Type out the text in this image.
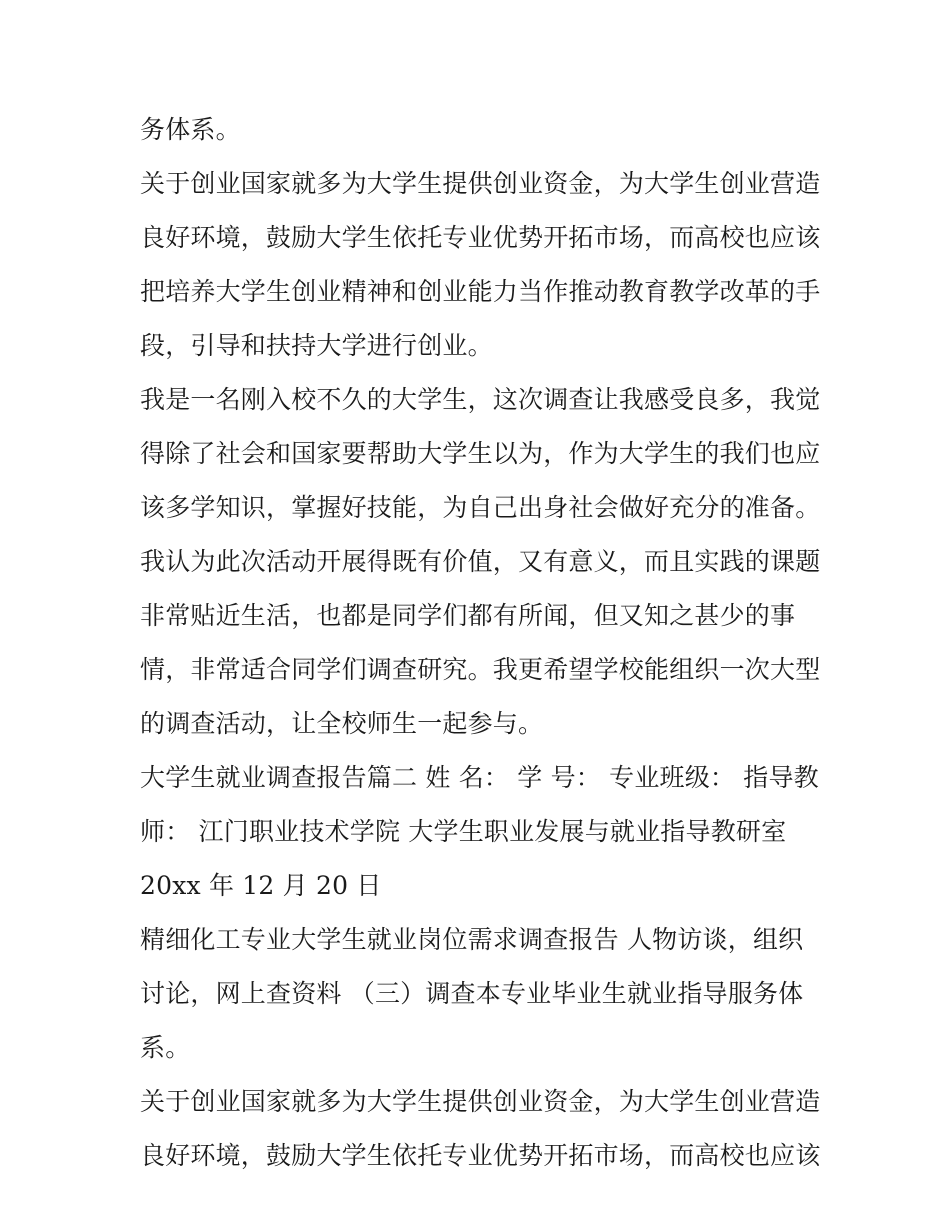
务体系。
关于创业国家就多为大学生提供创业资金，为大学生创业营造
良好环境，鼓励大学生依托专业优势开拓市场，而高校也应该
把培养大学生创业精神和创业能力当作推动教育教学改革的手
段，引导和扶持大学进行创业。
我是一名刚入校不久的大学生，这次调查让我感受良多，我觉
得除了社会和国家要帮助大学生以为，作为大学生的我们也应
该多学知识，掌握好技能，为自己出身社会做好充分的准备。
我认为此次活动开展得既有价值，又有意义，而且实践的课题
非常贴近生活，也都是同学们都有所闻，但又知之甚少的事
情，非常适合同学们调查研究。我更希望学校能组织一次大型
的调查活动，让全校师生一起参与。
大学生就业调查报告篇二 姓 名： 学 号： 专业班级： 指导教
师： 江门职业技术学院 大学生职业发展与就业指导教研室
20xx 年 12 月 20 日
精细化工专业大学生就业岗位需求调查报告 人物访谈，组织
讨论，网上查资料 （三）调查本专业毕业生就业指导服务体
系。
关于创业国家就多为大学生提供创业资金，为大学生创业营造
良好环境，鼓励大学生依托专业优势开拓市场，而高校也应该
